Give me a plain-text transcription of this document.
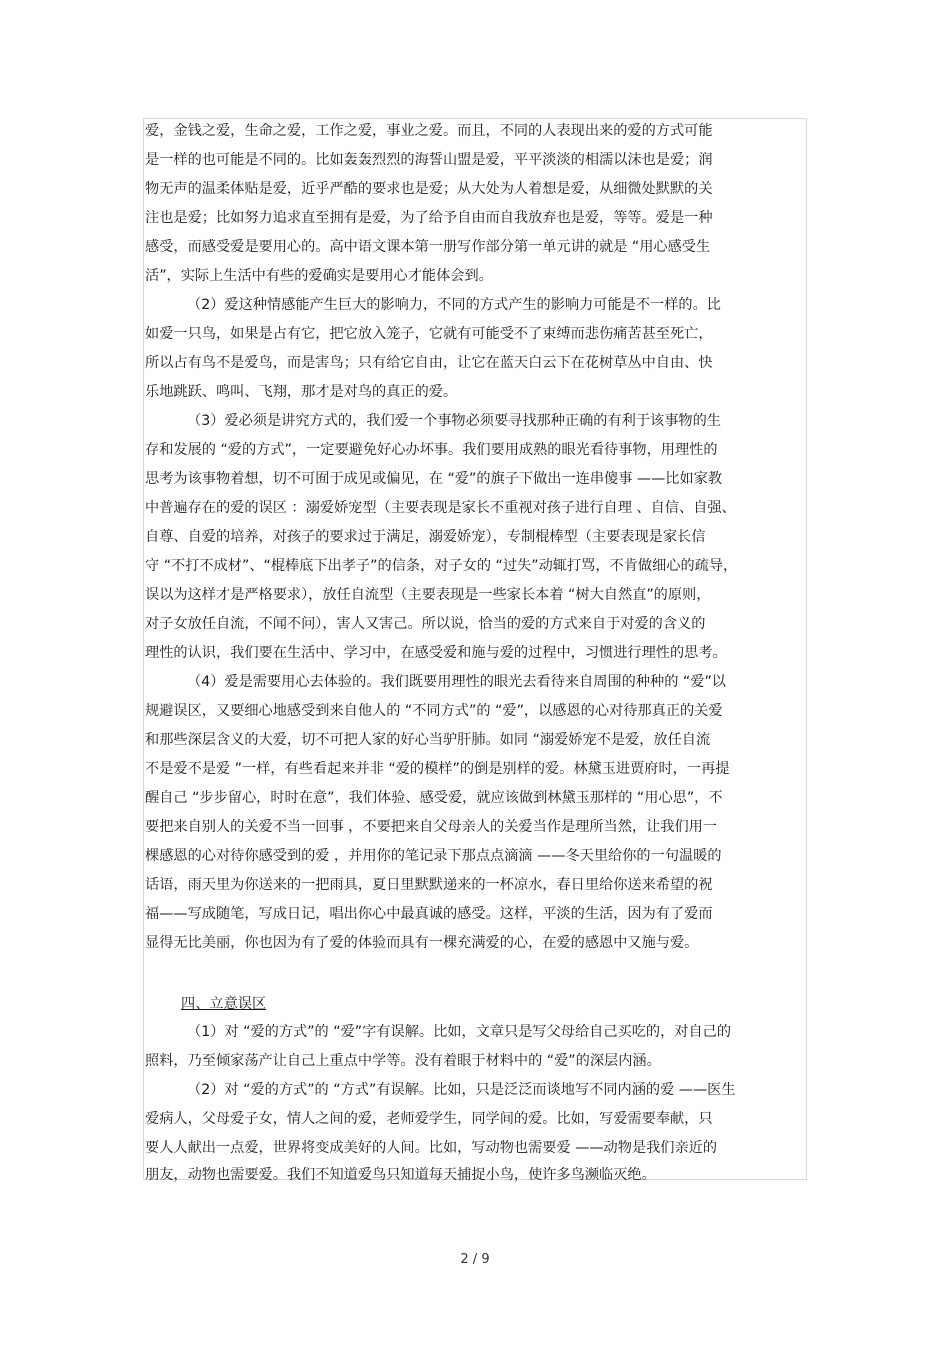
爱，金钱之爱，生命之爱，工作之爱，事业之爱。而且，不同的人表现出来的爱的方式可能
是一样的也可能是不同的。比如轰轰烈烈的海誓山盟是爱，平平淡淡的相濡以沫也是爱；润
物无声的温柔体贴是爱，近乎严酷的要求也是爱；从大处为人着想是爱，从细微处默默的关
注也是爱；比如努力追求直至拥有是爱，为了给予自由而自我放弃也是爱，等等。爱是一种
感受，而感受爱是要用心的。高中语文课本第一册写作部分第一单元讲的就是 “用心感受生
活”，实际上生活中有些的爱确实是要用心才能体会到。
（2）爱这种情感能产生巨大的影响力，不同的方式产生的影响力可能是不一样的。比
如爱一只鸟，如果是占有它，把它放入笼子，它就有可能受不了束缚而悲伤痛苦甚至死亡，
所以占有鸟不是爱鸟，而是害鸟；只有给它自由，让它在蓝天白云下在花树草丛中自由、快
乐地跳跃、鸣叫、飞翔，那才是对鸟的真正的爱。
（3）爱必须是讲究方式的，我们爱一个事物必须要寻找那种正确的有利于该事物的生
存和发展的 “爱的方式”，一定要避免好心办坏事。我们要用成熟的眼光看待事物，用理性的
思考为该事物着想，切不可囿于成见或偏见，在 “爱”的旗子下做出一连串傻事 ——比如家教
中普遍存在的爱的误区 ：溺爱娇宠型（主要表现是家长不重视对孩子进行自理 、自信、自强、
自尊、自爱的培养，对孩子的要求过于满足，溺爱娇宠），专制棍棒型（主要表现是家长信
守 “不打不成材”、“棍棒底下出孝子”的信条，对子女的 “过失”动辄打骂，不肯做细心的疏导，
误以为这样才是严格要求），放任自流型（主要表现是一些家长本着 “树大自然直”的原则，
对子女放任自流，不闻不问），害人又害己。所以说，恰当的爱的方式来自于对爱的含义的
理性的认识，我们要在生活中、学习中，在感受爱和施与爱的过程中，习惯进行理性的思考。
（4）爱是需要用心去体验的。我们既要用理性的眼光去看待来自周围的种种的 “爱”以
规避误区，又要细心地感受到来自他人的 “不同方式”的 “爱”，以感恩的心对待那真正的关爱
和那些深层含义的大爱，切不可把人家的好心当驴肝肺。如同 “溺爱娇宠不是爱，放任自流
不是爱不是爱 ”一样，有些看起来并非 “爱的模样”的倒是别样的爱。林黛玉进贾府时，一再提
醒自己 “步步留心，时时在意”，我们体验、感受爱，就应该做到林黛玉那样的 “用心思”，不
要把来自别人的关爱不当一回事 ，不要把来自父母亲人的关爱当作是理所当然，让我们用一
棵感恩的心对待你感受到的爱 ，并用你的笔记录下那点点滴滴 ——冬天里给你的一句温暖的
话语，雨天里为你送来的一把雨具，夏日里默默递来的一杯凉水，春日里给你送来希望的祝
福——写成随笔，写成日记，唱出你心中最真诚的感受。这样，平淡的生活，因为有了爱而
显得无比美丽，你也因为有了爱的体验而具有一棵充满爱的心，在爱的感恩中又施与爱。
四、立意误区
（1）对 “爱的方式”的 “爱”字有误解。比如，文章只是写父母给自己买吃的，对自己的
照料，乃至倾家荡产让自己上重点中学等。没有着眼于材料中的 “爱”的深层内涵。
（2）对 “爱的方式”的 “方式”有误解。比如，只是泛泛而谈地写不同内涵的爱 ——医生
爱病人，父母爱子女，情人之间的爱，老师爱学生，同学间的爱。比如，写爱需要奉献，只
要人人献出一点爱，世界将变成美好的人间。比如，写动物也需要爱 ——动物是我们亲近的
朋友，动物也需要爱。我们不知道爱鸟只知道每天捕捉小鸟，使许多鸟濒临灭绝。
2 / 9
